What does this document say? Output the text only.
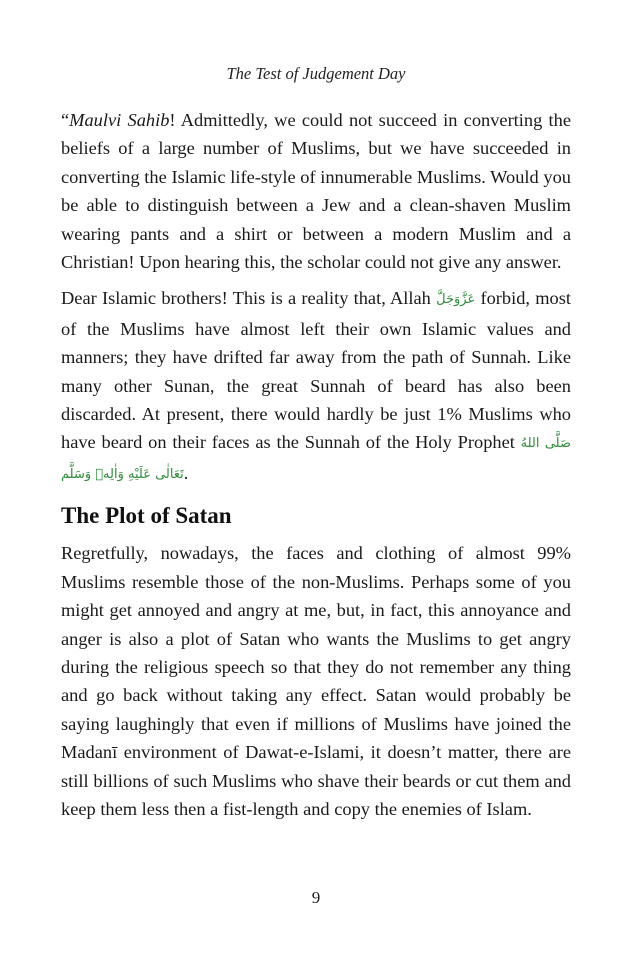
The Test of Judgement Day

“Maulvi Sahib! Admittedly, we could not succeed in converting the beliefs of a large number of Muslims, but we have succeeded in converting the Islamic life-style of innumerable Muslims. Would you be able to distinguish between a Jew and a clean-shaven Muslim wearing pants and a shirt or between a modern Muslim and a Christian! Upon hearing this, the scholar could not give any answer.

Dear Islamic brothers! This is a reality that, Allah عَزَّوَجَلَّ forbid, most of the Muslims have almost left their own Islamic values and manners; they have drifted far away from the path of Sunnah. Like many other Sunan, the great Sunnah of beard has also been discarded. At present, there would hardly be just 1% Muslims who have beard on their faces as the Sunnah of the Holy Prophet صَلَّى اللهُ تَعَالٰى عَلَيْهِ وَاٰلِهٖ وَسَلَّم.

The Plot of Satan

Regretfully, nowadays, the faces and clothing of almost 99% Muslims resemble those of the non-Muslims. Perhaps some of you might get annoyed and angry at me, but, in fact, this annoyance and anger is also a plot of Satan who wants the Muslims to get angry during the religious speech so that they do not remember any thing and go back without taking any effect. Satan would probably be saying laughingly that even if millions of Muslims have joined the Madanī environment of Dawat-e-Islami, it doesn’t matter, there are still billions of such Muslims who shave their beards or cut them and keep them less then a fist-length and copy the enemies of Islam.

9
